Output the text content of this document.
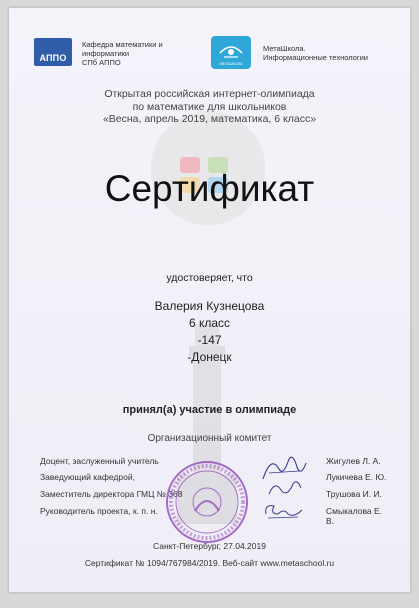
АППО
Кафедра математики и
информатики
СПб АППО	МЕТАШКОЛА
МетаШкола.
Информационные технологии
Открытая российская интернет-олимпиада
по математике для школьников
«Весна, апрель 2019, математика, 6 класс»
Сертификат
удостоверяет, что
Валерия Кузнецова
6 класс
-147
-Донецк
принял(а) участие в олимпиаде
Организационный комитет
Доцент, заслуженный учитель	Жигулев Л. А.
Заведующий кафедрой,	Лукичева Е. Ю.
Заместитель директора ГМЦ № 368	Трушова И. И.
Руководитель проекта, к. п. н.	Смыкалова Е. В.
Санкт-Петербург, 27.04.2019
Сертификат № 1094/767984/2019. Веб-сайт www.metaschool.ru
